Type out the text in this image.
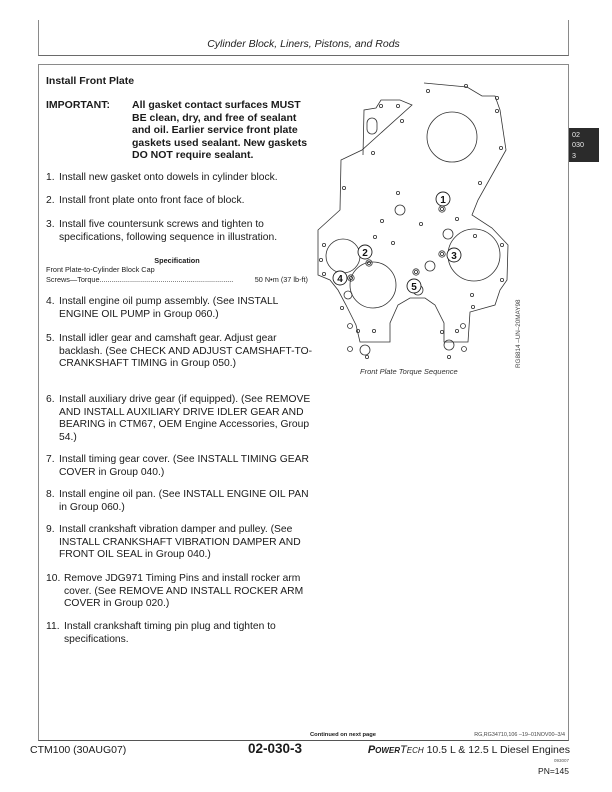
Cylinder Block, Liners, Pistons, and Rods
02
030
3
Install Front Plate
IMPORTANT: All gasket contact surfaces MUST BE clean, dry, and free of sealant and oil. Earlier service front plate gaskets used sealant. New gaskets DO NOT require sealant.
1. Install new gasket onto dowels in cylinder block.
2. Install front plate onto front face of block.
3. Install five countersunk screws and tighten to specifications, following sequence in illustration.
Specification
Front Plate-to-Cylinder Block Cap
Screws—Torque..................................................................	50 N•m (37 lb-ft)
4. Install engine oil pump assembly. (See INSTALL ENGINE OIL PUMP in Group 060.)
5. Install idler gear and camshaft gear. Adjust gear backlash. (See CHECK AND ADJUST CAMSHAFT-TO-CRANKSHAFT TIMING in Group 050.)
6. Install auxiliary drive gear (if equipped). (See REMOVE AND INSTALL AUXILIARY DRIVE IDLER GEAR AND BEARING in CTM67, OEM Engine Accessories, Group 54.)
7. Install timing gear cover. (See INSTALL TIMING GEAR COVER in Group 040.)
8. Install engine oil pan. (See INSTALL ENGINE OIL PAN in Group 060.)
9. Install crankshaft vibration damper and pulley. (See INSTALL CRANKSHAFT VIBRATION DAMPER AND FRONT OIL SEAL in Group 040.)
10. Remove JDG971 Timing Pins and install rocker arm cover. (See REMOVE AND INSTALL ROCKER ARM COVER in Group 020.)
11. Install crankshaft timing pin plug and tighten to specifications.
1
2	3
4
5
Front Plate Torque Sequence
RG8814 –UN–20MAY98
Continued on next page	RG,RG34710,106 –19–01NOV00–3/4
CTM100 (30AUG07)	02-030-3	PowerTech 10.5 L & 12.5 L Diesel Engines
093007
PN=145
